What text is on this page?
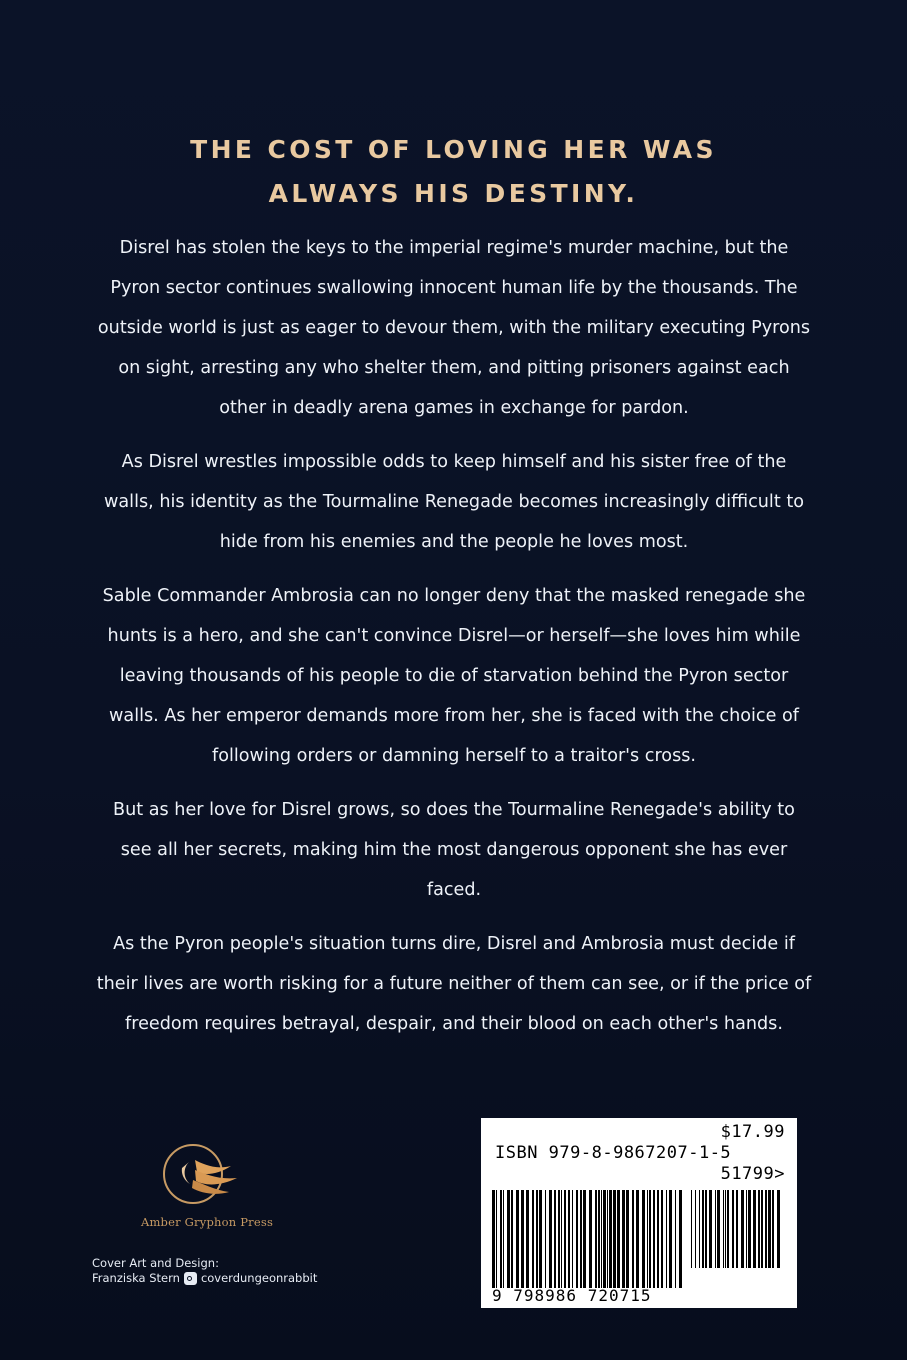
THE COST OF LOVING HER WAS
ALWAYS HIS DESTINY.

Disrel has stolen the keys to the imperial regime's murder machine, but the Pyron sector continues swallowing innocent human life by the thousands. The outside world is just as eager to devour them, with the military executing Pyrons on sight, arresting any who shelter them, and pitting prisoners against each other in deadly arena games in exchange for pardon.

As Disrel wrestles impossible odds to keep himself and his sister free of the walls, his identity as the Tourmaline Renegade becomes increasingly difficult to hide from his enemies and the people he loves most.

Sable Commander Ambrosia can no longer deny that the masked renegade she hunts is a hero, and she can't convince Disrel—or herself—she loves him while leaving thousands of his people to die of starvation behind the Pyron sector walls. As her emperor demands more from her, she is faced with the choice of following orders or damning herself to a traitor's cross.

But as her love for Disrel grows, so does the Tourmaline Renegade's ability to see all her secrets, making him the most dangerous opponent she has ever faced.

As the Pyron people's situation turns dire, Disrel and Ambrosia must decide if their lives are worth risking for a future neither of them can see, or if the price of freedom requires betrayal, despair, and their blood on each other's hands.

Amber Gryphon Press
Cover Art and Design:
Franziska Stern coverdungeonrabbit
$17.99
ISBN 979-8-9867207-1-5
51799>
9 798986 720715
